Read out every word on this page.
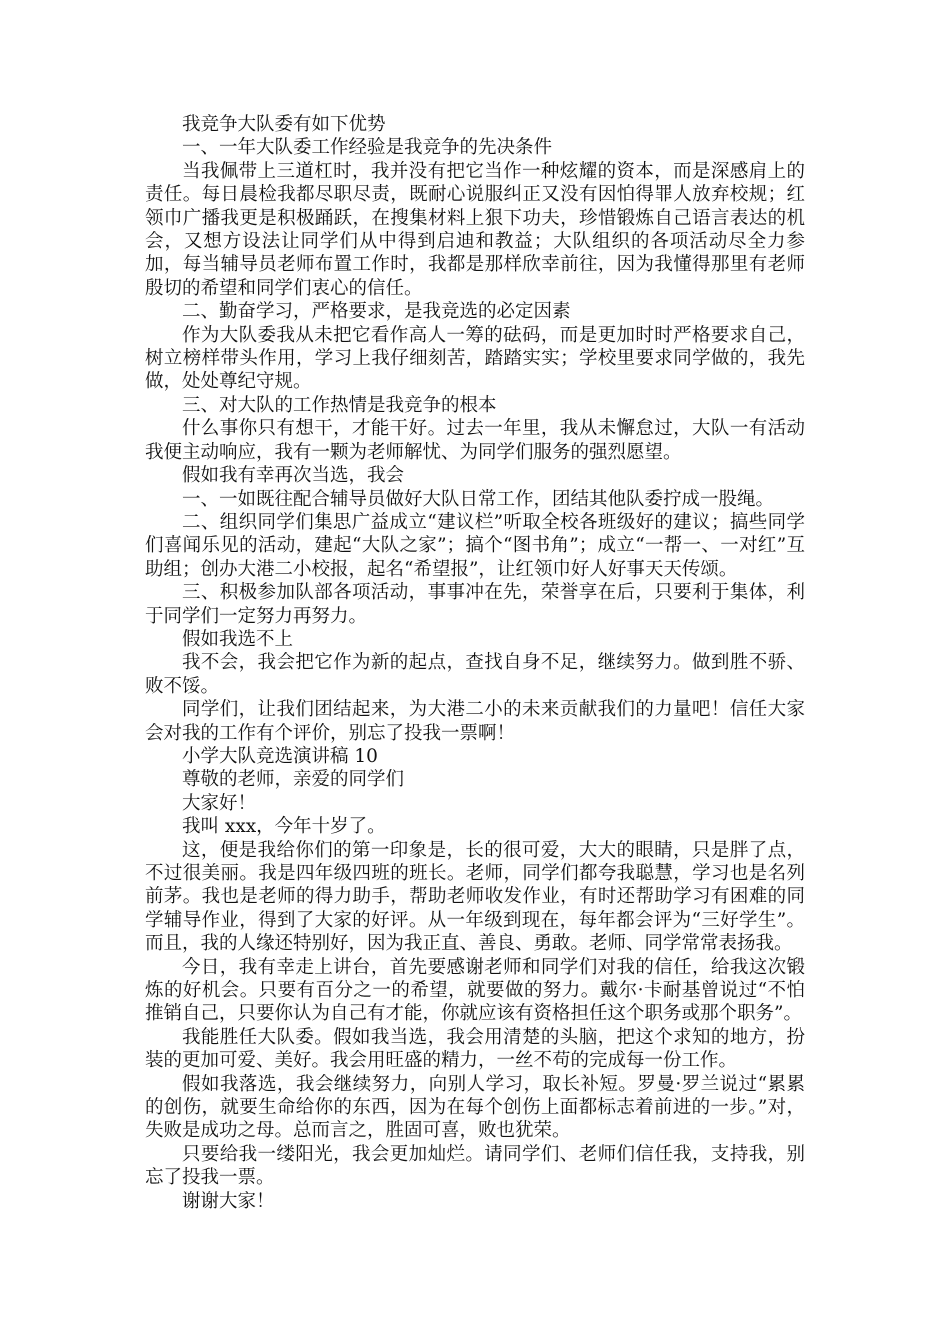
我竞争大队委有如下优势

一、一年大队委工作经验是我竞争的先决条件

当我佩带上三道杠时，我并没有把它当作一种炫耀的资本，而是深感肩上的责任。每日晨检我都尽职尽责，既耐心说服纠正又没有因怕得罪人放弃校规；红领巾广播我更是积极踊跃，在搜集材料上狠下功夫，珍惜锻炼自己语言表达的机会，又想方设法让同学们从中得到启迪和教益；大队组织的各项活动尽全力参加，每当辅导员老师布置工作时，我都是那样欣幸前往，因为我懂得那里有老师殷切的希望和同学们衷心的信任。

二、勤奋学习，严格要求，是我竞选的必定因素

作为大队委我从未把它看作高人一筹的砝码，而是更加时时严格要求自己，树立榜样带头作用，学习上我仔细刻苦，踏踏实实；学校里要求同学做的，我先做，处处尊纪守规。

三、对大队的工作热情是我竞争的根本

什么事你只有想干，才能干好。过去一年里，我从未懈怠过，大队一有活动我便主动响应，我有一颗为老师解忧、为同学们服务的强烈愿望。

假如我有幸再次当选，我会

一、一如既往配合辅导员做好大队日常工作，团结其他队委拧成一股绳。

二、组织同学们集思广益成立“建议栏”听取全校各班级好的建议；搞些同学们喜闻乐见的活动，建起“大队之家”；搞个“图书角”；成立“一帮一、一对红”互助组；创办大港二小校报，起名“希望报”，让红领巾好人好事天天传颂。

三、积极参加队部各项活动，事事冲在先，荣誉享在后，只要利于集体，利于同学们一定努力再努力。

假如我选不上

我不会，我会把它作为新的起点，查找自身不足，继续努力。做到胜不骄、败不馁。

同学们，让我们团结起来，为大港二小的未来贡献我们的力量吧！信任大家会对我的工作有个评价，别忘了投我一票啊！

小学大队竞选演讲稿 10

尊敬的老师，亲爱的同学们

大家好！

我叫 xxx，今年十岁了。

这，便是我给你们的第一印象是，长的很可爱，大大的眼睛，只是胖了点，不过很美丽。我是四年级四班的班长。老师，同学们都夸我聪慧，学习也是名列前茅。我也是老师的得力助手，帮助老师收发作业，有时还帮助学习有困难的同学辅导作业，得到了大家的好评。从一年级到现在，每年都会评为“三好学生”。而且，我的人缘还特别好，因为我正直、善良、勇敢。老师、同学常常表扬我。

今日，我有幸走上讲台，首先要感谢老师和同学们对我的信任，给我这次锻炼的好机会。只要有百分之一的希望，就要做的努力。戴尔·卡耐基曾说过“不怕推销自己，只要你认为自己有才能，你就应该有资格担任这个职务或那个职务”。

我能胜任大队委。假如我当选，我会用清楚的头脑，把这个求知的地方，扮装的更加可爱、美好。我会用旺盛的精力，一丝不苟的完成每一份工作。

假如我落选，我会继续努力，向别人学习，取长补短。罗曼·罗兰说过“累累的创伤，就要生命给你的东西，因为在每个创伤上面都标志着前进的一步。”对，失败是成功之母。总而言之，胜固可喜，败也犹荣。

只要给我一缕阳光，我会更加灿烂。请同学们、老师们信任我，支持我，别忘了投我一票。

谢谢大家！
